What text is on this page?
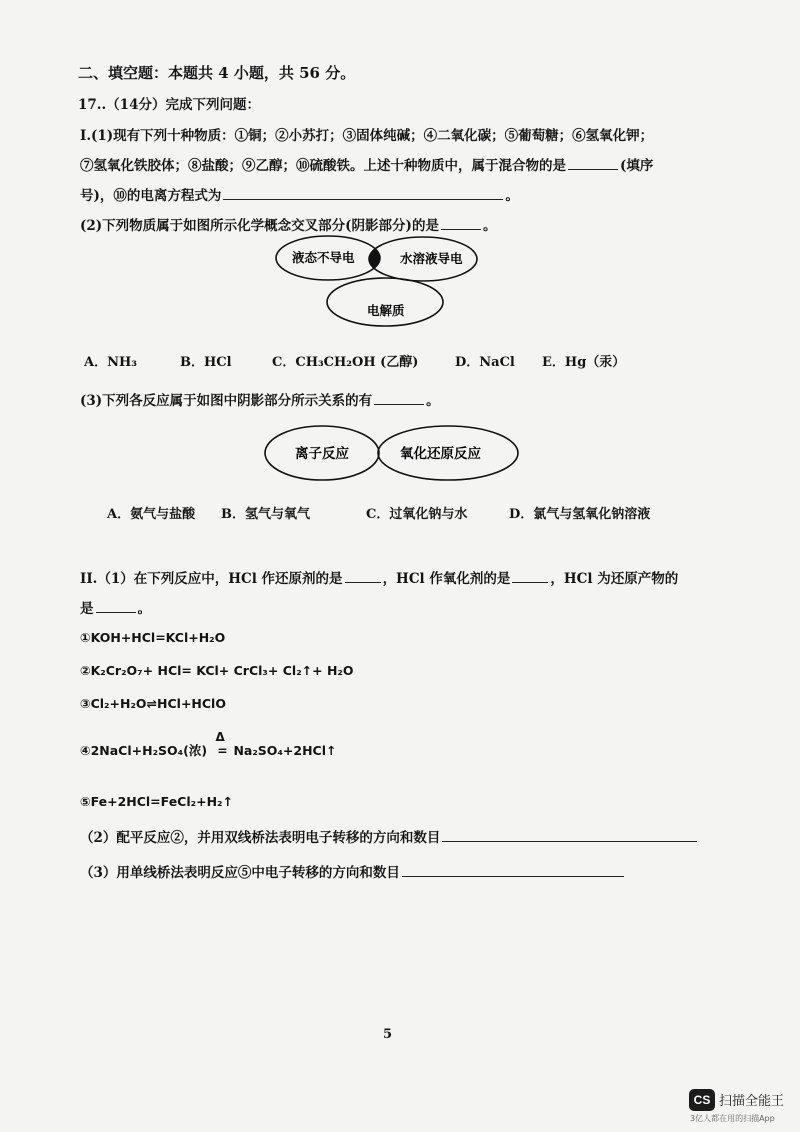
二、填空题：本题共 4 小题，共 56 分。
17..（14分）完成下列问题：
I.(1)现有下列十种物质：①铜；②小苏打；③固体纯碱；④二氧化碳；⑤葡萄糖；⑥氢氧化钾；
⑦氢氧化铁胶体；⑧盐酸；⑨乙醇；⑩硫酸铁。上述十种物质中，属于混合物的是	(填序
号)，⑩的电离方程式为	。
(2)下列物质属于如图所示化学概念交叉部分(阴影部分)的是	。
液态不导电	水溶液导电
电解质
A．NH₃	B．HCl	C．CH₃CH₂OH (乙醇)	D．NaCl E．Hg（汞）
(3)下列各反应属于如图中阴影部分所示关系的有	。
离子反应	氧化还原反应
A．氨气与盐酸 B．氢气与氧气	C．过氧化钠与水	D．氯气与氢氧化钠溶液
II.（1）在下列反应中，HCl 作还原剂的是	，HCl 作氧化剂的是	，HCl 为还原产物的
是	。
①KOH+HCl=KCl+H₂O
②K₂Cr₂O₇+ HCl= KCl+ CrCl₃+ Cl₂↑+ H₂O
③Cl₂+H₂O⇌HCl+HClO
④2NaCl+H₂SO₄(浓)
Δ
= Na₂SO₄+2HCl↑
⑤Fe+2HCl=FeCl₂+H₂↑
（2）配平反应②，并用双线桥法表明电子转移的方向和数目
（3）用单线桥法表明反应⑤中电子转移的方向和数目
5
CS 扫描全能王
3亿人都在用的扫描App
